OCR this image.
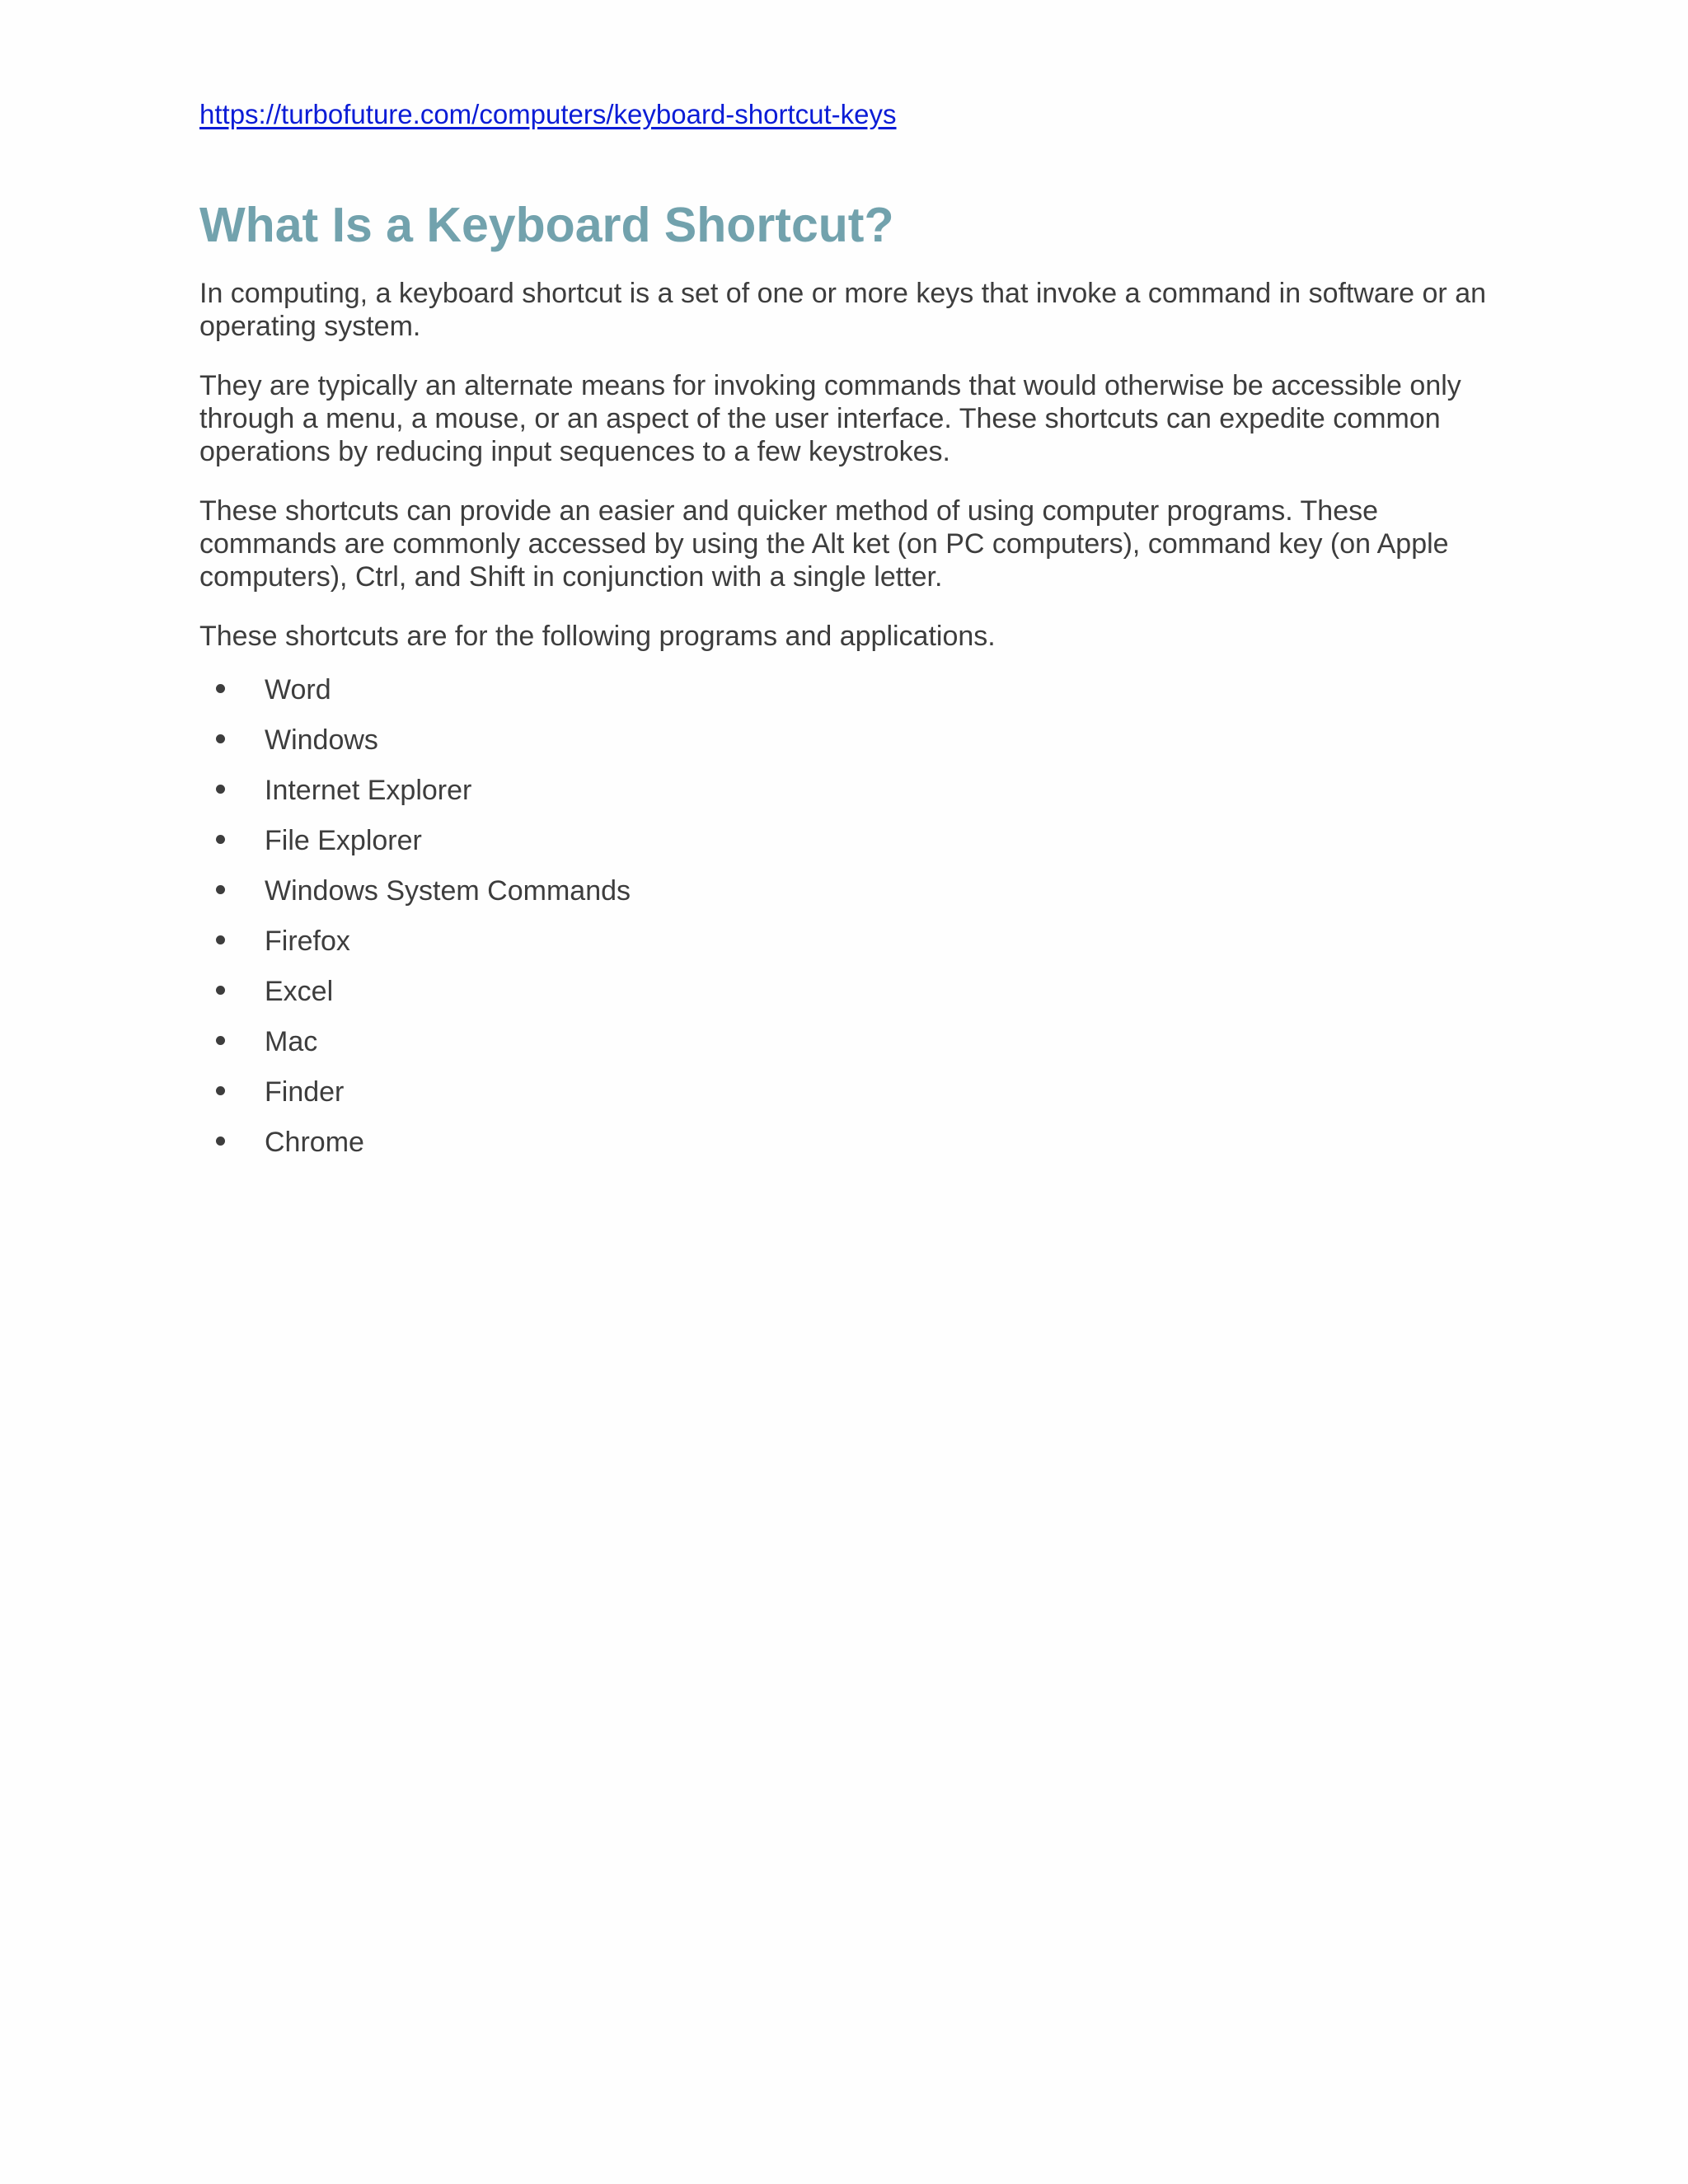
https://turbofuture.com/computers/keyboard-shortcut-keys
What Is a Keyboard Shortcut?

In computing, a keyboard shortcut is a set of one or more keys that invoke a command in software or an operating system.

They are typically an alternate means for invoking commands that would otherwise be accessible only through a menu, a mouse, or an aspect of the user interface. These shortcuts can expedite common operations by reducing input sequences to a few keystrokes.

These shortcuts can provide an easier and quicker method of using computer programs. These commands are commonly accessed by using the Alt ket (on PC computers), command key (on Apple computers), Ctrl, and Shift in conjunction with a single letter.

These shortcuts are for the following programs and applications.

Word
Windows
Internet Explorer
File Explorer
Windows System Commands
Firefox
Excel
Mac
Finder
Chrome
